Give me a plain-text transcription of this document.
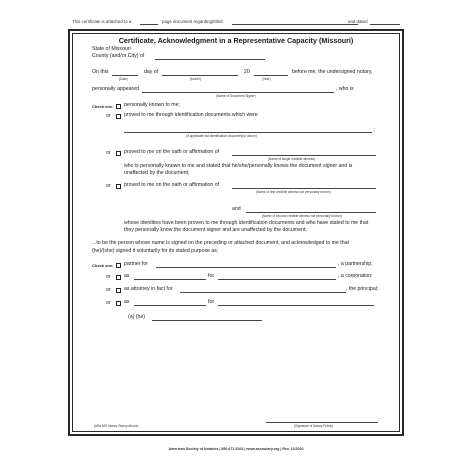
This certificate is attached to a	page document regarding/titled	and dated
Certificate, Acknowledgment in a Representative Capacity (Missouri)
State of Missouri
County (and/or City) of
On this	day of	20	before me, the undersigned notary,
(Date)	(Month)	(Year)
personally appeared	, who is
(Name of Document Signer)
Check one: personally known to me;
or	proved to me through identification documents which were
;
(If applicable list identification document(s) above)
or	proved to me on the oath or affirmation of
(Name of single credible witness)
who is personally known to me and stated that he/she/personally knows the document signer and is
unaffected by the document;
or	proved to me on the oath or affirmation of
(Name of first credible witness not personally known)
and
(Name of second credible witness not personally known)
whose identities have been proven to me through identification documents and who have stated to me that
they personally know the document signer and are unaffected by the document;
...to be the person whose name is signed on the preceding or attached document, and acknowledged to me that
(he)/(she) signed it voluntarily for its stated purpose as:
Check one: partner for	, a partnership;
or	as	for	, a corporation;
or	as attorney in fact for	, the principal;
or	as	for
(a) (he)
(Affix MO Notary Stamp Above)	(Signature of Notary Public)
American Society of Notaries | 850.671.5164 | www.asnnotary.org | Rev. 11/2020
